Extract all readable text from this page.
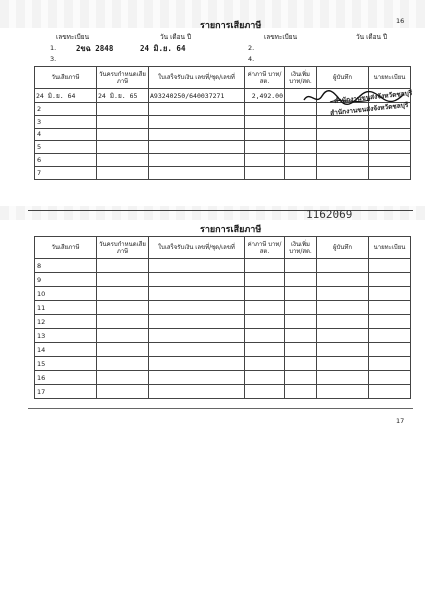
รายการเสียภาษี	16
เลขทะเบียน	วัน เดือน ปี	เลขทะเบียน	วัน เดือน ปี
1.	2ขฉ 2848	24 มิ.ย. 64	2.
3.	4.
วันเสียภาษี	วันครบกำหนดเสียภาษี	ใบเสร็จรับเงิน เลขที่/ชุด/เลขที่	ค่าภาษี บาท/สต.	เงินเพิ่ม บาท/สต.	ผู้บันทึก	นายทะเบียน
24 มิ.ย. 64	24 มิ.ย. 65	A93240250/640037271	2,492.00			
2						
3						
4						
5						
6						
7						
สำนักงานขนส่งจังหวัดชลบุรี
สำนักงานขนส่งจังหวัดชลบุรี
1162069
รายการเสียภาษี
วันเสียภาษี	วันครบกำหนดเสียภาษี	ใบเสร็จรับเงิน เลขที่/ชุด/เลขที่	ค่าภาษี บาท/สต.	เงินเพิ่ม บาท/สต.	ผู้บันทึก	นายทะเบียน
8						
9						
10						
11						
12						
13						
14						
15						
16						
17						
17
